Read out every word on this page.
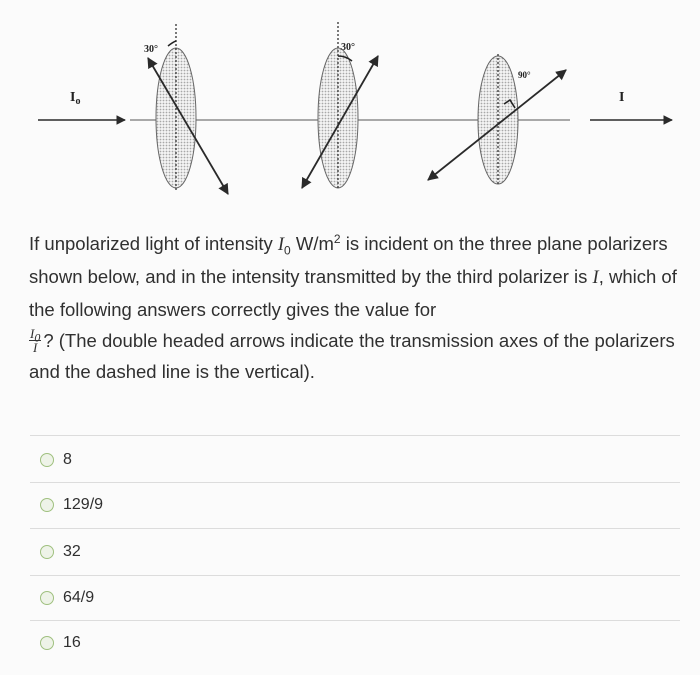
$I_o$	I
30°	30°
90°
If unpolarized light of intensity $I_0$ $W/m^2$ is incident on the three plane polarizers shown below, and in the intensity transmitted by the third polarizer is I, which of the following answers correctly gives the value for

$\frac{I_0}{I}$ ? (The double headed arrows indicate the transmission axes of the polarizers and the dashed line is the vertical).
8
129/9
32
64/9
16
